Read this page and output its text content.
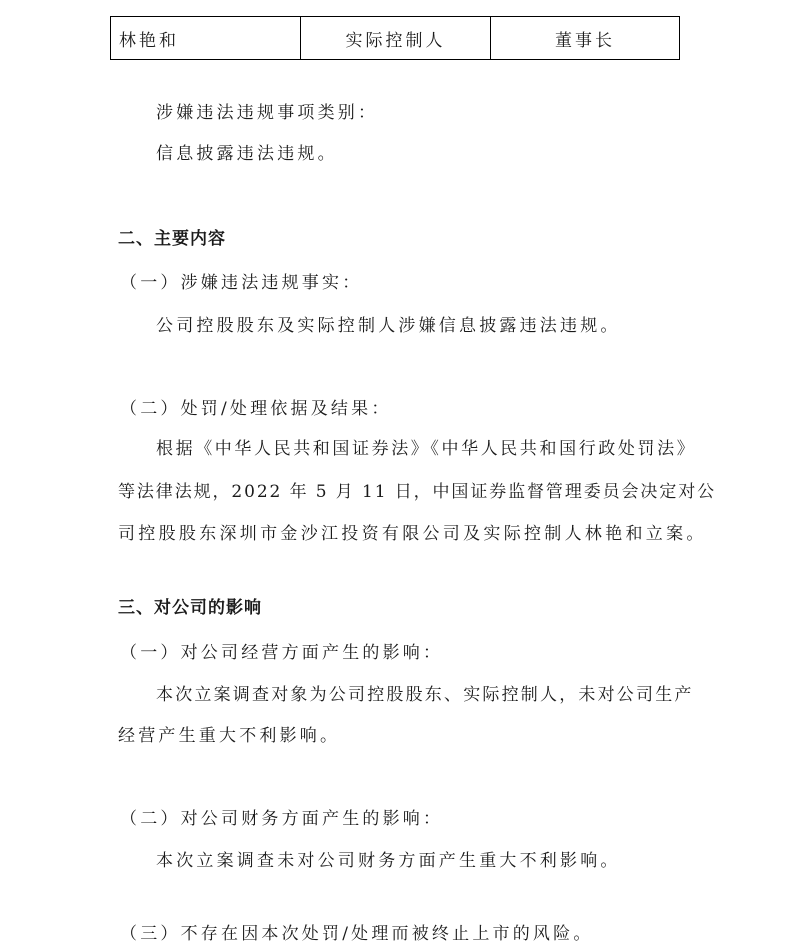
林艳和	实际控制人	董事长
涉嫌违法违规事项类别：
信息披露违法违规。
二、主要内容
（一）涉嫌违法违规事实：
公司控股股东及实际控制人涉嫌信息披露违法违规。
（二）处罚/处理依据及结果：
根据《中华人民共和国证券法》《中华人民共和国行政处罚法》
等法律法规，2022 年 5 月 11 日，中国证券监督管理委员会决定对公
司控股股东深圳市金沙江投资有限公司及实际控制人林艳和立案。
三、对公司的影响
（一）对公司经营方面产生的影响：
本次立案调查对象为公司控股股东、实际控制人，未对公司生产
经营产生重大不利影响。
（二）对公司财务方面产生的影响：
本次立案调查未对公司财务方面产生重大不利影响。
（三）不存在因本次处罚/处理而被终止上市的风险。
